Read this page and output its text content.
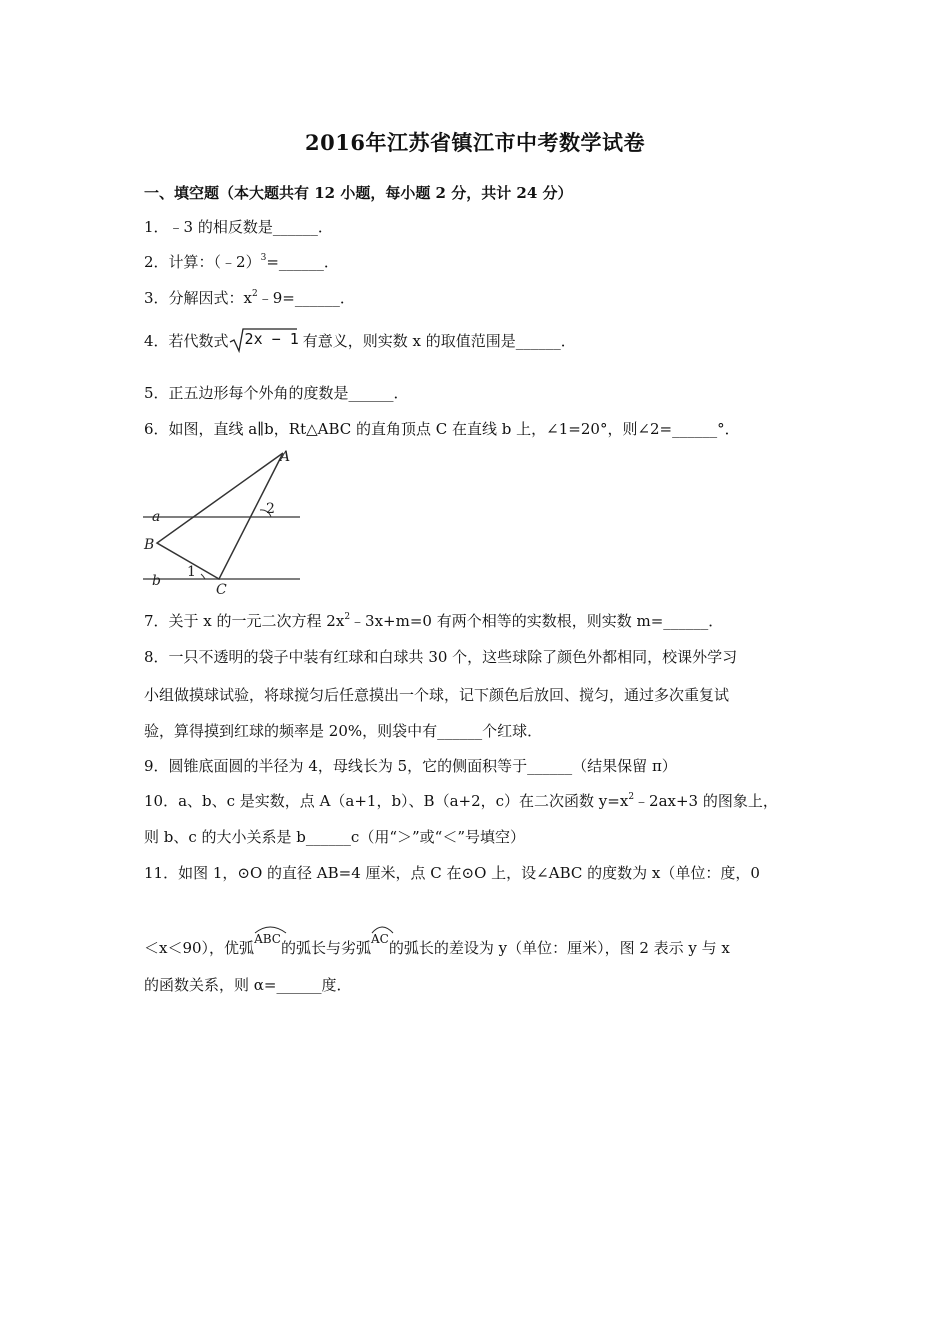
2016年江苏省镇江市中考数学试卷
一、填空题（本大题共有 12 小题，每小题 2 分，共计 24 分）
1．﹣3 的相反数是______．
2．计算：（﹣2）$^3$=______．
3．分解因式：$x^2﹣9=\_\_\_\_\_\_$．
4．若代数式 2x − 1 有意义，则实数 x 的取值范围是______．
5．正五边形每个外角的度数是______．
6．如图，直线 a∥b，Rt△ABC 的直角顶点 C 在直线 b 上，∠1=20°，则∠2=______°．
A
B
C
a
b
1
2
7．关于 x 的一元二次方程 $2x^2﹣3x+m=0$ 有两个相等的实数根，则实数 m=______．
8．一只不透明的袋子中装有红球和白球共 30 个，这些球除了颜色外都相同，校课外学习
小组做摸球试验，将球搅匀后任意摸出一个球，记下颜色后放回、搅匀，通过多次重复试
验，算得摸到红球的频率是 20%，则袋中有______个红球．
9．圆锥底面圆的半径为 4，母线长为 5，它的侧面积等于______（结果保留 π）
10．a、b、c 是实数，点 A（a+1，b）、B（a+2，c）在二次函数 $y=x^2﹣2ax+3$ 的图象上，
则 b、c 的大小关系是 b______c（用“＞”或“＜”号填空）
11．如图 1，⊙O 的直径 AB=4 厘米，点 C 在⊙O 上，设∠ABC 的度数为 x（单位：度，0
＜x＜90），优弧
ABC的弧长与劣弧
AC的弧长的差设为 y（单位：厘米），图 2 表示 y 与 x
的函数关系，则 α=______度．
